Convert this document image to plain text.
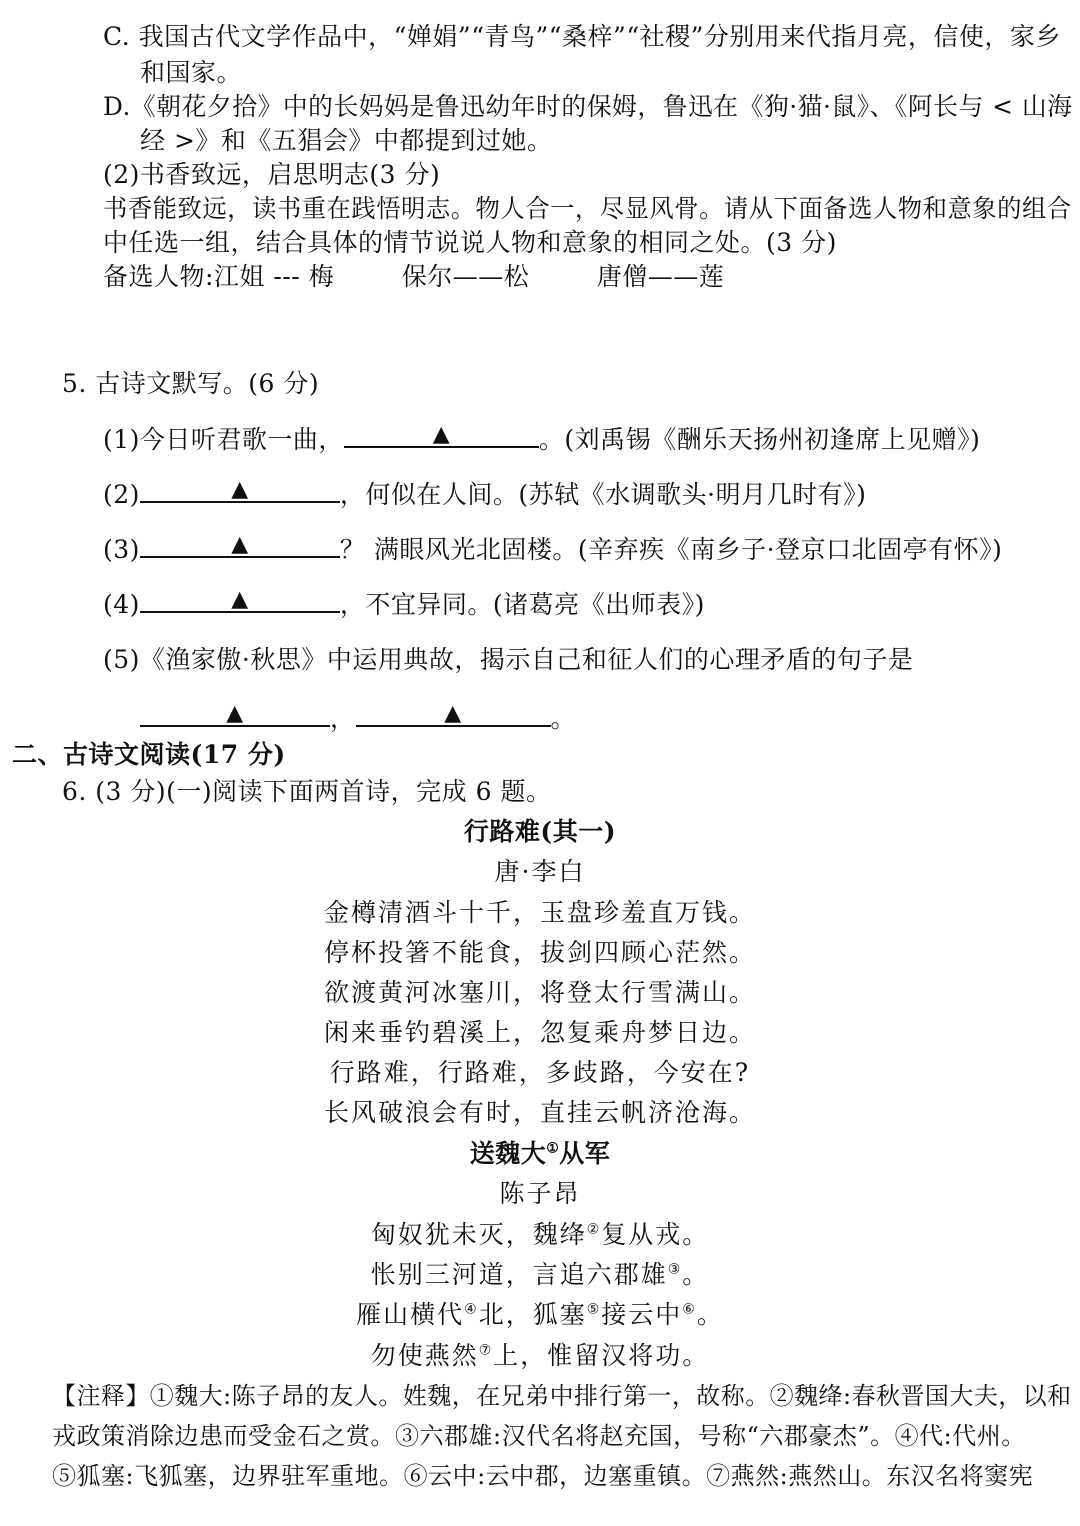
C. 我国古代文学作品中，“婵娟”“青鸟”“桑梓”“社稷”分别用来代指月亮，信使，家乡
和国家。
D.《朝花夕拾》中的长妈妈是鲁迅幼年时的保姆，鲁迅在《狗·猫·鼠》、《阿长与 < 山海
经 >》和《五猖会》中都提到过她。
(2)书香致远，启思明志(3 分)
书香能致远，读书重在践悟明志。物人合一，尽显风骨。请从下面备选人物和意象的组合
中任选一组，结合具体的情节说说人物和意象的相同之处。(3 分)
备选人物:江姐 --- 梅        保尔——松        唐僧——莲
5. 古诗文默写。(6 分)
(1)今日听君歌一曲，	▲	。(刘禹锡《酬乐天扬州初逢席上见赠》)
(2)	▲	，何似在人间。(苏轼《水调歌头·明月几时有》)
(3)	▲	？ 满眼风光北固楼。(辛弃疾《南乡子·登京口北固亭有怀》)
(4)	▲	，不宜异同。(诸葛亮《出师表》)
(5)《渔家傲·秋思》中运用典故，揭示自己和征人们的心理矛盾的句子是
▲	，	▲	。
二、古诗文阅读(17 分)
6. (3 分)(一)阅读下面两首诗，完成 6 题。
行路难(其一)
唐·李白
金樽清酒斗十千，玉盘珍羞直万钱。
停杯投箸不能食，拔剑四顾心茫然。
欲渡黄河冰塞川，将登太行雪满山。
闲来垂钓碧溪上，忽复乘舟梦日边。
行路难，行路难，多歧路，今安在?
长风破浪会有时，直挂云帆济沧海。
送魏大①从军
陈子昂
匈奴犹未灭，魏绛②复从戎。
怅别三河道，言追六郡雄③。
雁山横代④北，狐塞⑤接云中⑥。
勿使燕然⑦上，惟留汉将功。
【注释】①魏大:陈子昂的友人。姓魏，在兄弟中排行第一，故称。②魏绛:春秋晋国大夫，以和
戎政策消除边患而受金石之赏。③六郡雄:汉代名将赵充国，号称“六郡豪杰”。④代:代州。
⑤狐塞:飞狐塞，边界驻军重地。⑥云中:云中郡，边塞重镇。⑦燕然:燕然山。东汉名将窦宪
